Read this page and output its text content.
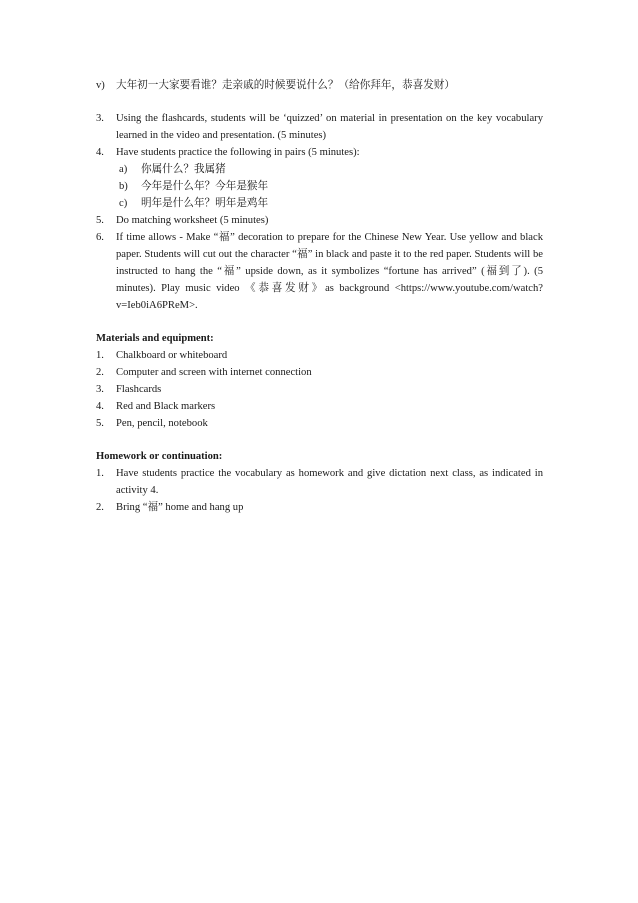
v) 大年初一大家要看谁？走亲戚的时候要说什么？（给你拜年，恭喜发财）
3. Using the flashcards, students will be ‘quizzed’ on material in presentation on the key vocabulary learned in the video and presentation. (5 minutes)
4. Have students practice the following in pairs (5 minutes):
a) 你属什么？我属猪
b) 今年是什么年？今年是猴年
c) 明年是什么年？明年是鸡年
5. Do matching worksheet (5 minutes)
6. If time allows - Make “福” decoration to prepare for the Chinese New Year. Use yellow and black paper. Students will cut out the character “福” in black and paste it to the red paper. Students will be instructed to hang the “福” upside down, as it symbolizes “fortune has arrived” (福到了). (5 minutes). Play music video 《恭喜发财》as background <https://www.youtube.com/watch?v=Ieb0iA6PReM>.
Materials and equipment:
1. Chalkboard or whiteboard
2. Computer and screen with internet connection
3. Flashcards
4. Red and Black markers
5. Pen, pencil, notebook
Homework or continuation:
1. Have students practice the vocabulary as homework and give dictation next class, as indicated in activity 4.
2. Bring “福” home and hang up
